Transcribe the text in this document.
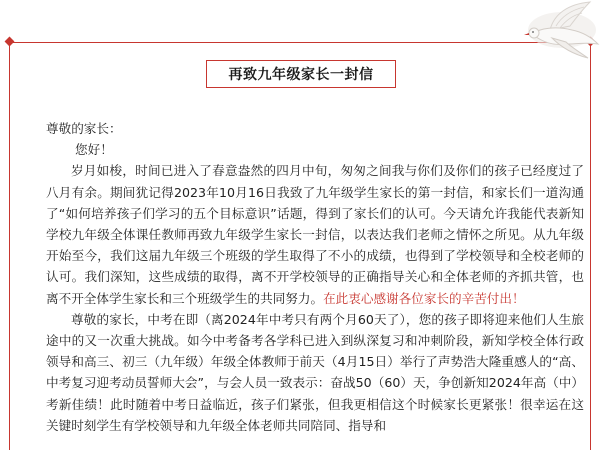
再致九年级家长一封信

尊敬的家长：

您好！

岁月如梭，时间已进入了春意盎然的四月中旬，匆匆之间我与你们及你们的孩子已经度过了八月有余。期间犹记得2023年10月16日我致了九年级学生家长的第一封信，和家长们一道沟通了“如何培养孩子们学习的五个目标意识”话题，得到了家长们的认可。今天请允许我能代表新知学校九年级全体课任教师再致九年级学生家长一封信，以表达我们老师之情怀之所见。从九年级开始至今，我们这届九年级三个班级的学生取得了不小的成绩，也得到了学校领导和全校老师的认可。我们深知，这些成绩的取得，离不开学校领导的正确指导关心和全体老师的齐抓共管，也离不开全体学生家长和三个班级学生的共同努力。在此衷心感谢各位家长的辛苦付出！

尊敬的家长，中考在即（离2024年中考只有两个月60天了），您的孩子即将迎来他们人生旅途中的又一次重大挑战。如今中考备考各学科已进入到纵深复习和冲刺阶段，新知学校全体行政领导和高三、初三（九年级）年级全体教师于前天（4月15日）举行了声势浩大隆重感人的“高、中考复习迎考动员誓师大会”，与会人员一致表示：奋战50（60）天，争创新知2024年高（中）考新佳绩！此时随着中考日益临近，孩子们紧张，但我更相信这个时候家长更紧张！很幸运在这关键时刻学生有学校领导和九年级全体老师共同陪同、指导和
